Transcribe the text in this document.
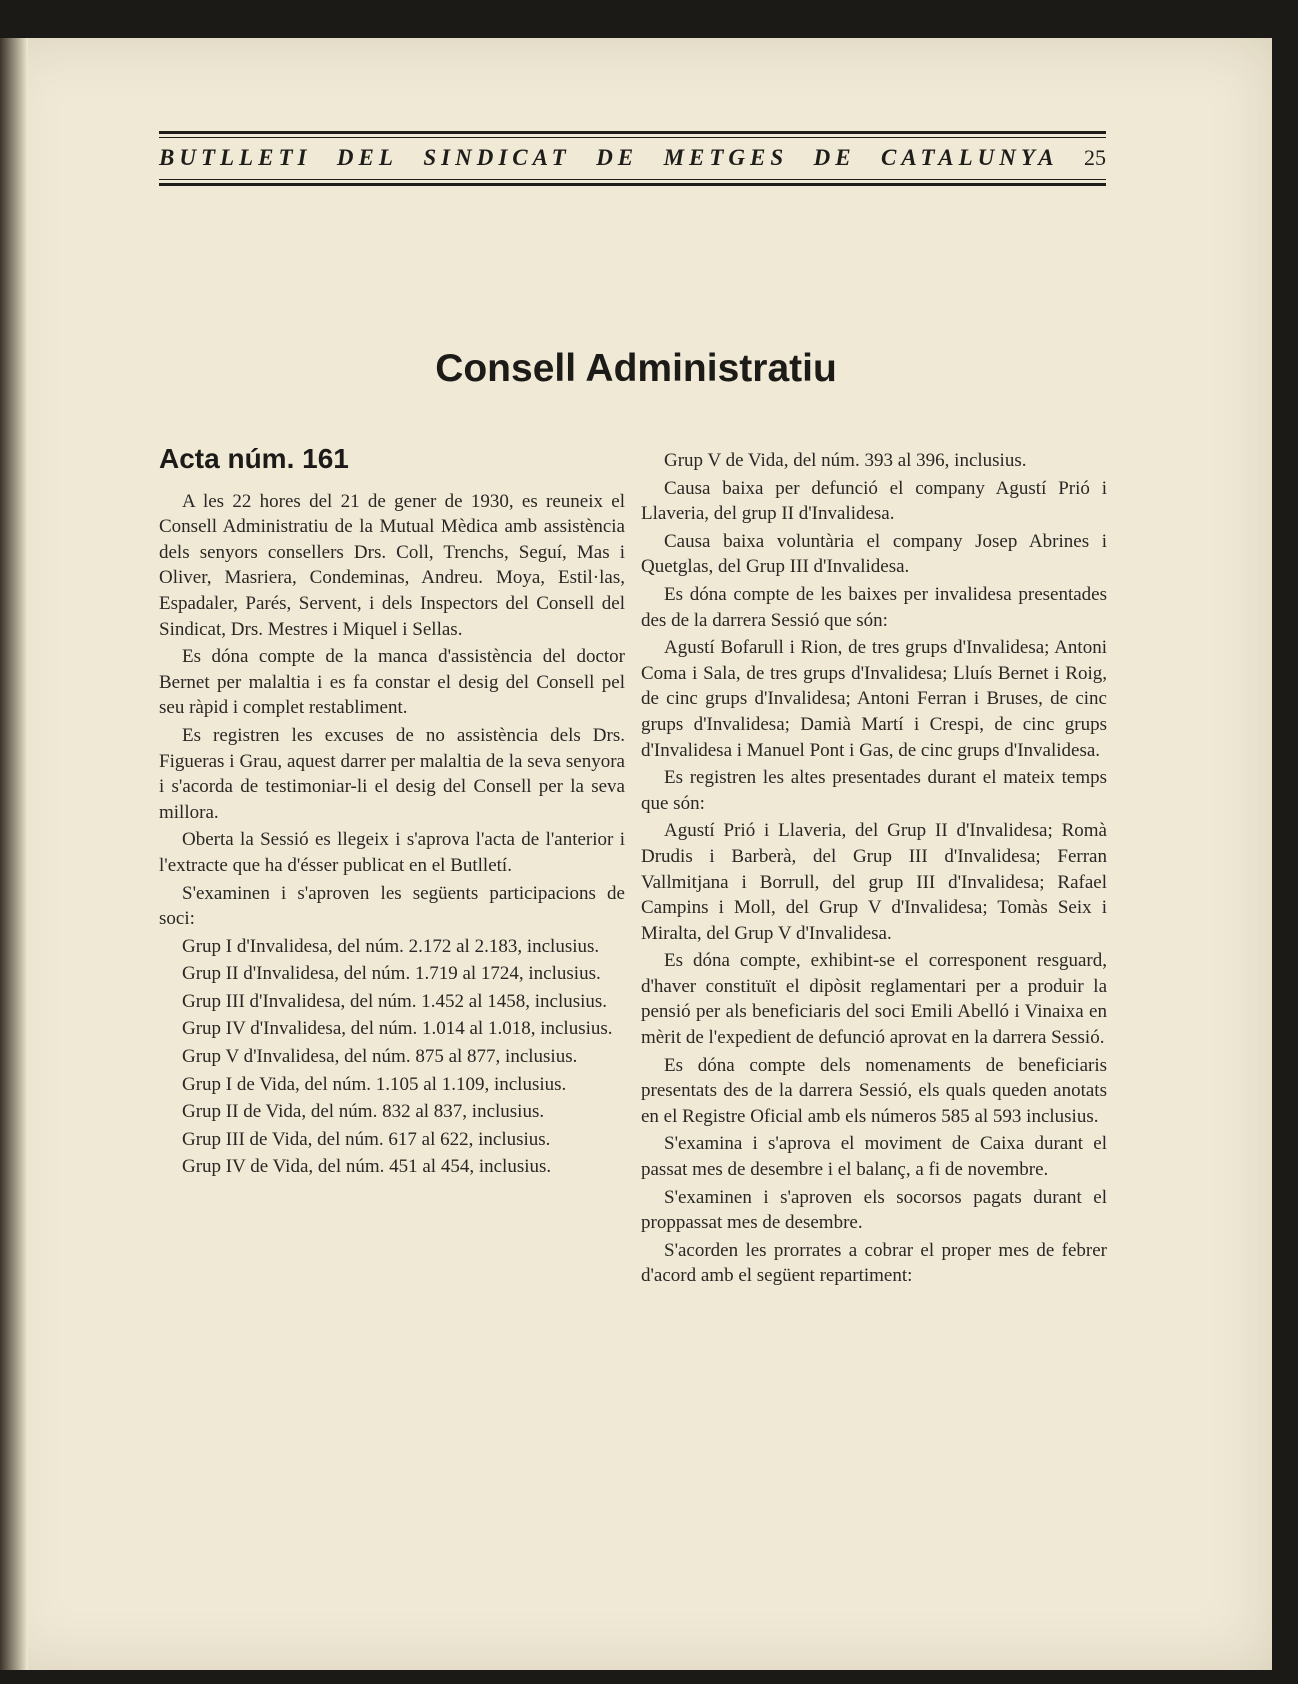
BUTLLETI DEL SINDICAT DE METGES DE CATALUNYA 25
Consell Administratiu
Acta núm. 161

A les 22 hores del 21 de gener de 1930, es reuneix el Consell Administratiu de la Mutual Mèdica amb assistència dels senyors consellers Drs. Coll, Trenchs, Seguí, Mas i Oliver, Masriera, Condeminas, Andreu. Moya, Estil·las, Espadaler, Parés, Servent, i dels Inspectors del Consell del Sindicat, Drs. Mestres i Miquel i Sellas.

Es dóna compte de la manca d'assistència del doctor Bernet per malaltia i es fa constar el desig del Consell pel seu ràpid i complet restabliment.

Es registren les excuses de no assistència dels Drs. Figueras i Grau, aquest darrer per malaltia de la seva senyora i s'acorda de testimoniar-li el desig del Consell per la seva millora.

Oberta la Sessió es llegeix i s'aprova l'acta de l'anterior i l'extracte que ha d'ésser publicat en el Butlletí.

S'examinen i s'aproven les següents participacions de soci:

Grup I d'Invalidesa, del núm. 2.172 al 2.183, inclusius.

Grup II d'Invalidesa, del núm. 1.719 al 1724, inclusius.

Grup III d'Invalidesa, del núm. 1.452 al 1458, inclusius.

Grup IV d'Invalidesa, del núm. 1.014 al 1.018, inclusius.

Grup V d'Invalidesa, del núm. 875 al 877, inclusius.

Grup I de Vida, del núm. 1.105 al 1.109, inclusius.

Grup II de Vida, del núm. 832 al 837, inclusius.

Grup III de Vida, del núm. 617 al 622, inclusius.

Grup IV de Vida, del núm. 451 al 454, inclusius.

Grup V de Vida, del núm. 393 al 396, inclusius.

Causa baixa per defunció el company Agustí Prió i Llaveria, del grup II d'Invalidesa.

Causa baixa voluntària el company Josep Abrines i Quetglas, del Grup III d'Invalidesa.

Es dóna compte de les baixes per invalidesa presentades des de la darrera Sessió que són:

Agustí Bofarull i Rion, de tres grups d'Invalidesa; Antoni Coma i Sala, de tres grups d'Invalidesa; Lluís Bernet i Roig, de cinc grups d'Invalidesa; Antoni Ferran i Bruses, de cinc grups d'Invalidesa; Damià Martí i Crespi, de cinc grups d'Invalidesa i Manuel Pont i Gas, de cinc grups d'Invalidesa.

Es registren les altes presentades durant el mateix temps que són:

Agustí Prió i Llaveria, del Grup II d'Invalidesa; Romà Drudis i Barberà, del Grup III d'Invalidesa; Ferran Vallmitjana i Borrull, del grup III d'Invalidesa; Rafael Campins i Moll, del Grup V d'Invalidesa; Tomàs Seix i Miralta, del Grup V d'Invalidesa.

Es dóna compte, exhibint-se el corresponent resguard, d'haver constituït el dipòsit reglamentari per a produir la pensió per als beneficiaris del soci Emili Abelló i Vinaixa en mèrit de l'expedient de defunció aprovat en la darrera Sessió.

Es dóna compte dels nomenaments de beneficiaris presentats des de la darrera Sessió, els quals queden anotats en el Registre Oficial amb els números 585 al 593 inclusius.

S'examina i s'aprova el moviment de Caixa durant el passat mes de desembre i el balanç, a fi de novembre.

S'examinen i s'aproven els socorsos pagats durant el proppassat mes de desembre.

S'acorden les prorrates a cobrar el proper mes de febrer d'acord amb el següent repartiment:
